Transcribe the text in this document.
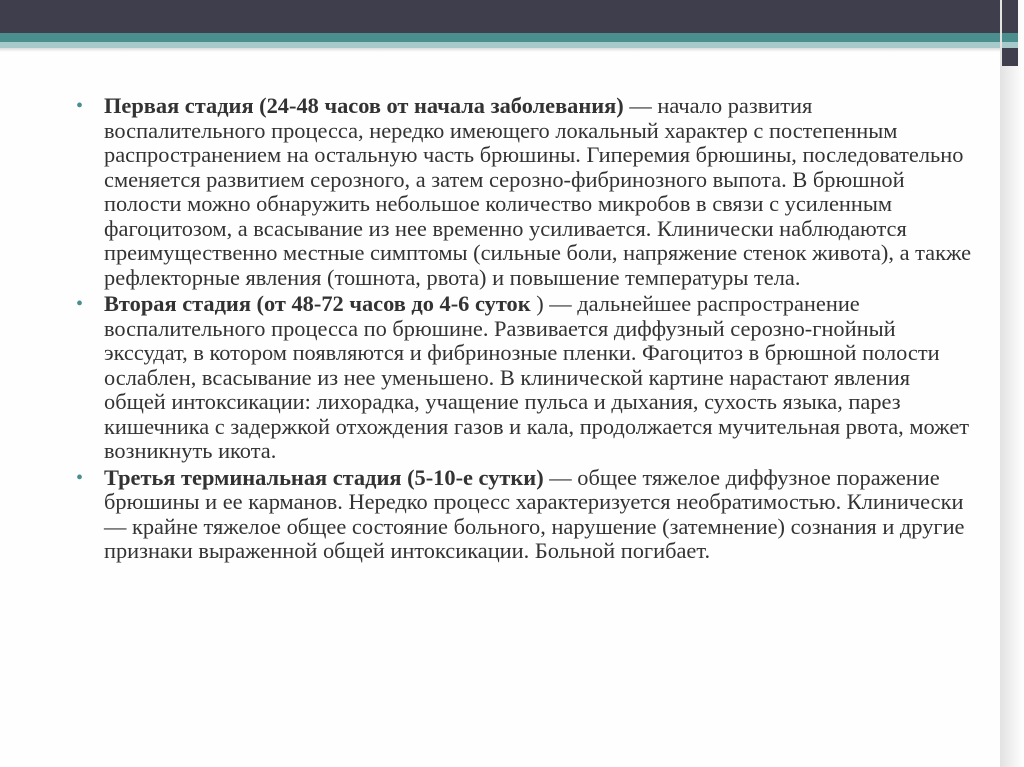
• Первая стадия (24-48 часов от начала заболевания) — начало развития воспалительного процесса, нередко имеющего локальный характер с постепенным распространением на остальную часть брюшины. Гиперемия брюшины, последовательно сменяется развитием серозного, а затем серозно-фибринозного выпота. В брюшной полости можно обнаружить небольшое количество микробов в связи с усиленным фагоцитозом, а всасывание из нее временно усиливается. Клинически наблюдаются преимущественно местные симптомы (сильные боли, напряжение стенок живота), а также рефлекторные явления (тошнота, рвота) и повышение температуры тела.
• Вторая стадия (от 48-72 часов до 4-6 суток ) — дальнейшее распространение воспалительного процесса по брюшине. Развивается диффузный серозно-гнойный экссудат, в котором появляются и фибринозные пленки. Фагоцитоз в брюшной полости ослаблен, всасывание из нее уменьшено. В клинической картине нарастают явления общей интоксикации: лихорадка, учащение пульса и дыхания, сухость языка, парез кишечника с задержкой отхождения газов и кала, продолжается мучительная рвота, может возникнуть икота.
• Третья терминальная стадия (5-10-е сутки) — общее тяжелое диффузное поражение брюшины и ее карманов. Нередко процесс характеризуется необратимостью. Клинически — крайне тяжелое общее состояние больного, нарушение (затемнение) сознания и другие признаки выраженной общей интоксикации. Больной погибает.
